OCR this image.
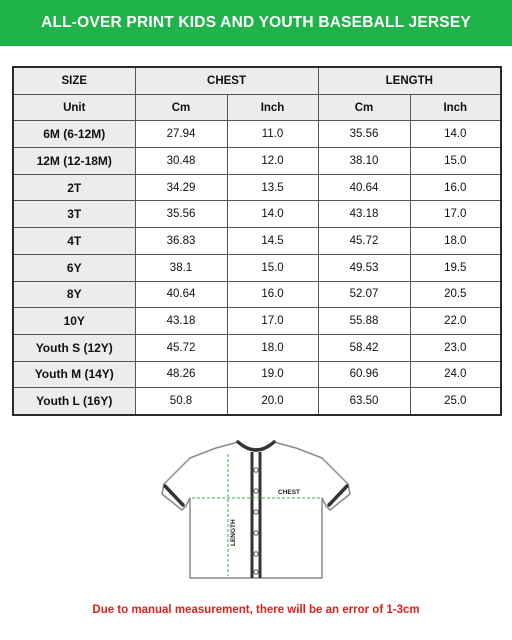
ALL-OVER PRINT KIDS AND YOUTH BASEBALL JERSEY
SIZE	CHEST		LENGTH	
Unit	Cm	Inch	Cm	Inch
6M (6-12M)	27.94	11.0	35.56	14.0
12M (12-18M)	30.48	12.0	38.10	15.0
2T	34.29	13.5	40.64	16.0
3T	35.56	14.0	43.18	17.0
4T	36.83	14.5	45.72	18.0
6Y	38.1	15.0	49.53	19.5
8Y	40.64	16.0	52.07	20.5
10Y	43.18	17.0	55.88	22.0
Youth S (12Y)	45.72	18.0	58.42	23.0
Youth M (14Y)	48.26	19.0	60.96	24.0
Youth L (16Y)	50.8	20.0	63.50	25.0
CHEST
LENGTH
Due to manual measurement, there will be an error of 1-3cm
